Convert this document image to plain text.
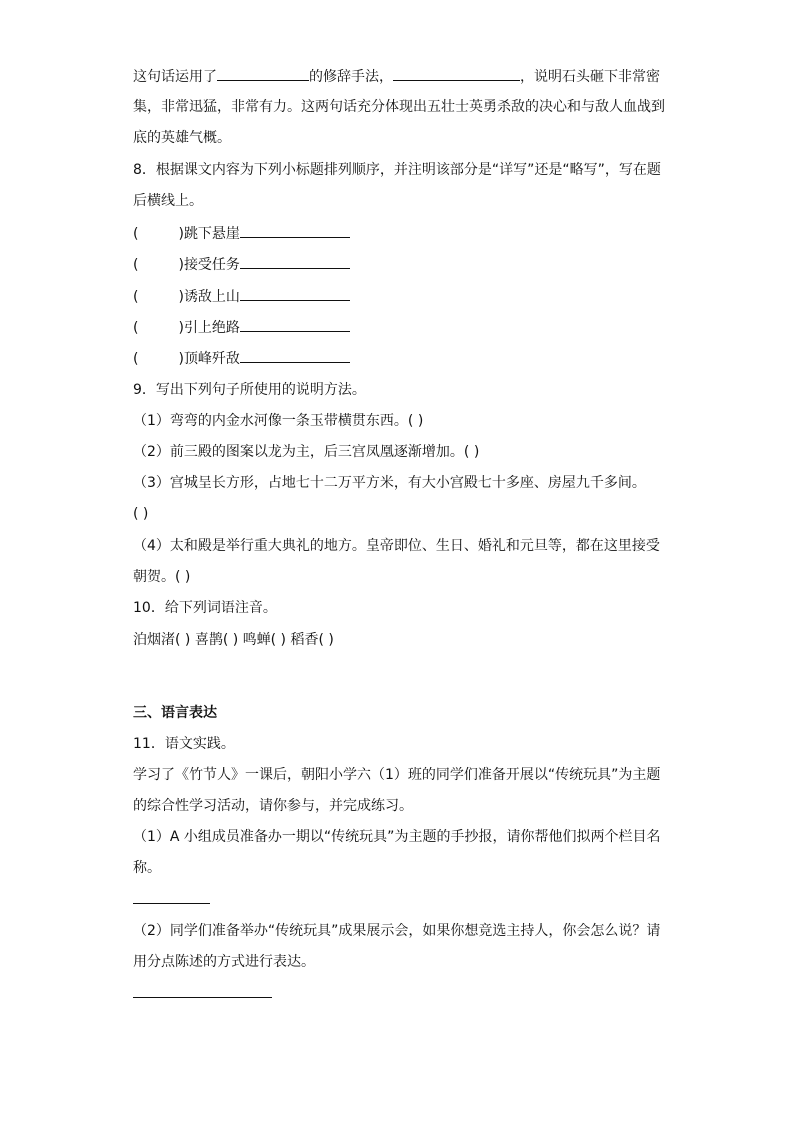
这句话运用了	的修辞手法，	，说明石头砸下非常密
集，非常迅猛，非常有力。这两句话充分体现出五壮士英勇杀敌的决心和与敌人血战到
底的英雄气概。
8．根据课文内容为下列小标题排列顺序，并注明该部分是“详写”还是“略写”，写在题
后横线上。
(	)跳下悬崖
(	)接受任务
(	)诱敌上山
(	)引上绝路
(	)顶峰歼敌
9．写出下列句子所使用的说明方法。
（1）弯弯的内金水河像一条玉带横贯东西。( )
（2）前三殿的图案以龙为主，后三宫凤凰逐渐增加。( )
（3）宫城呈长方形，占地七十二万平方米，有大小宫殿七十多座、房屋九千多间。
( )
（4）太和殿是举行重大典礼的地方。皇帝即位、生日、婚礼和元旦等，都在这里接受
朝贺。( )
10．给下列词语注音。
泊烟渚( ) 喜鹊( ) 鸣蝉( ) 稻香( )
三、语言表达
11．语文实践。
学习了《竹节人》一课后，朝阳小学六（1）班的同学们准备开展以“传统玩具”为主题
的综合性学习活动，请你参与，并完成练习。
（1）A 小组成员准备办一期以“传统玩具”为主题的手抄报，请你帮他们拟两个栏目名
称。
（2）同学们准备举办“传统玩具”成果展示会，如果你想竞选主持人，你会怎么说？请
用分点陈述的方式进行表达。
